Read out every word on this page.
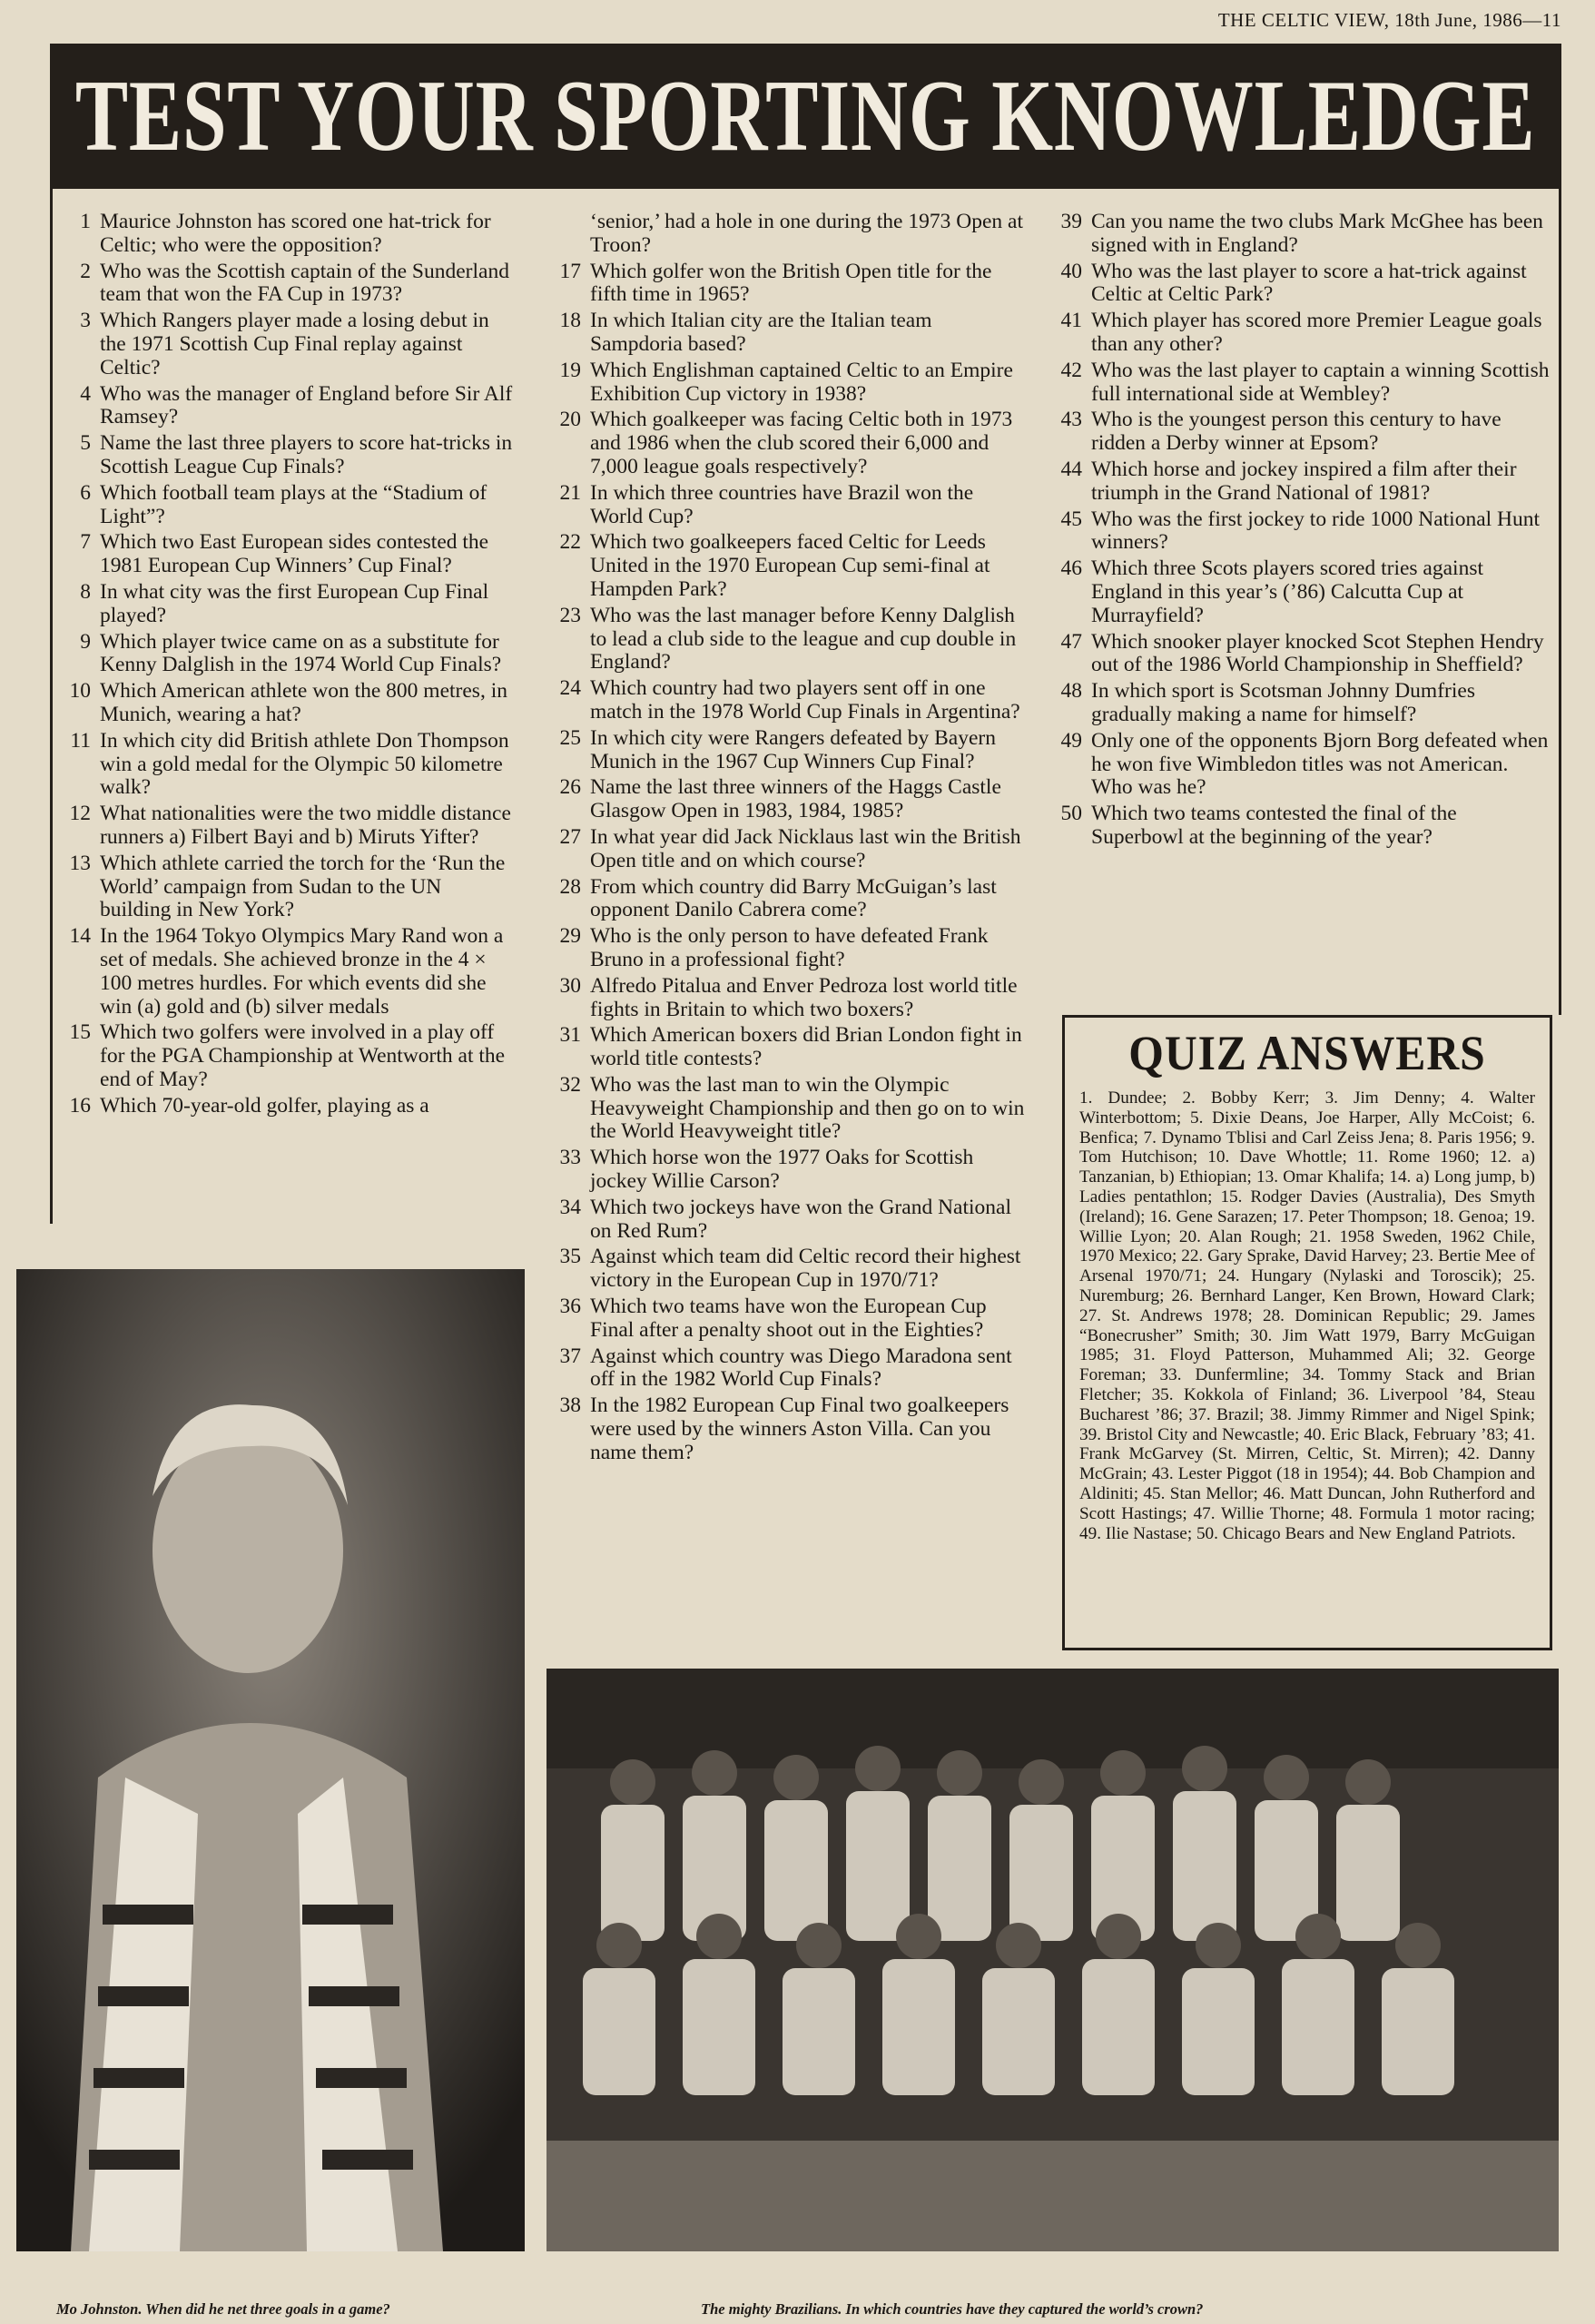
THE CELTIC VIEW, 18th June, 1986—11
TEST YOUR SPORTING KNOWLEDGE
1 Maurice Johnston has scored one hat-trick for Celtic; who were the opposition?
2 Who was the Scottish captain of the Sunderland team that won the FA Cup in 1973?
3 Which Rangers player made a losing debut in the 1971 Scottish Cup Final replay against Celtic?
4 Who was the manager of England before Sir Alf Ramsey?
5 Name the last three players to score hat-tricks in Scottish League Cup Finals?
6 Which football team plays at the “Stadium of Light”?
7 Which two East European sides contested the 1981 European Cup Winners’ Cup Final?
8 In what city was the first European Cup Final played?
9 Which player twice came on as a substitute for Kenny Dalglish in the 1974 World Cup Finals?
10 Which American athlete won the 800 metres, in Munich, wearing a hat?
11 In which city did British athlete Don Thompson win a gold medal for the Olympic 50 kilometre walk?
12 What nationalities were the two middle distance runners a) Filbert Bayi and b) Miruts Yifter?
13 Which athlete carried the torch for the ‘Run the World’ campaign from Sudan to the UN building in New York?
14 In the 1964 Tokyo Olympics Mary Rand won a set of medals. She achieved bronze in the 4 × 100 metres hurdles. For which events did she win (a) gold and (b) silver medals
15 Which two golfers were involved in a play off for the PGA Championship at Wentworth at the end of May?
16 Which 70-year-old golfer, playing as a
‘senior,’ had a hole in one during the 1973 Open at Troon?
17 Which golfer won the British Open title for the fifth time in 1965?
18 In which Italian city are the Italian team Sampdoria based?
19 Which Englishman captained Celtic to an Empire Exhibition Cup victory in 1938?
20 Which goalkeeper was facing Celtic both in 1973 and 1986 when the club scored their 6,000 and 7,000 league goals respectively?
21 In which three countries have Brazil won the World Cup?
22 Which two goalkeepers faced Celtic for Leeds United in the 1970 European Cup semi-final at Hampden Park?
23 Who was the last manager before Kenny Dalglish to lead a club side to the league and cup double in England?
24 Which country had two players sent off in one match in the 1978 World Cup Finals in Argentina?
25 In which city were Rangers defeated by Bayern Munich in the 1967 Cup Winners Cup Final?
26 Name the last three winners of the Haggs Castle Glasgow Open in 1983, 1984, 1985?
27 In what year did Jack Nicklaus last win the British Open title and on which course?
28 From which country did Barry McGuigan’s last opponent Danilo Cabrera come?
29 Who is the only person to have defeated Frank Bruno in a professional fight?
30 Alfredo Pitalua and Enver Pedroza lost world title fights in Britain to which two boxers?
31 Which American boxers did Brian London fight in world title contests?
32 Who was the last man to win the Olympic Heavyweight Championship and then go on to win the World Heavyweight title?
33 Which horse won the 1977 Oaks for Scottish jockey Willie Carson?
34 Which two jockeys have won the Grand National on Red Rum?
35 Against which team did Celtic record their highest victory in the European Cup in 1970/71?
36 Which two teams have won the European Cup Final after a penalty shoot out in the Eighties?
37 Against which country was Diego Maradona sent off in the 1982 World Cup Finals?
38 In the 1982 European Cup Final two goalkeepers were used by the winners Aston Villa. Can you name them?
39 Can you name the two clubs Mark McGhee has been signed with in England?
40 Who was the last player to score a hat-trick against Celtic at Celtic Park?
41 Which player has scored more Premier League goals than any other?
42 Who was the last player to captain a winning Scottish full international side at Wembley?
43 Who is the youngest person this century to have ridden a Derby winner at Epsom?
44 Which horse and jockey inspired a film after their triumph in the Grand National of 1981?
45 Who was the first jockey to ride 1000 National Hunt winners?
46 Which three Scots players scored tries against England in this year’s (’86) Calcutta Cup at Murrayfield?
47 Which snooker player knocked Scot Stephen Hendry out of the 1986 World Championship in Sheffield?
48 In which sport is Scotsman Johnny Dumfries gradually making a name for himself?
49 Only one of the opponents Bjorn Borg defeated when he won five Wimbledon titles was not American. Who was he?
50 Which two teams contested the final of the Superbowl at the beginning of the year?
QUIZ ANSWERS

1. Dundee; 2. Bobby Kerr; 3. Jim Denny; 4. Walter Winterbottom; 5. Dixie Deans, Joe Harper, Ally McCoist; 6. Benfica; 7. Dynamo Tblisi and Carl Zeiss Jena; 8. Paris 1956; 9. Tom Hutchison; 10. Dave Whottle; 11. Rome 1960; 12. a) Tanzanian, b) Ethiopian; 13. Omar Khalifa; 14. a) Long jump, b) Ladies pentathlon; 15. Rodger Davies (Australia), Des Smyth (Ireland); 16. Gene Sarazen; 17. Peter Thompson; 18. Genoa; 19. Willie Lyon; 20. Alan Rough; 21. 1958 Sweden, 1962 Chile, 1970 Mexico; 22. Gary Sprake, David Harvey; 23. Bertie Mee of Arsenal 1970/71; 24. Hungary (Nylaski and Toroscik); 25. Nuremburg; 26. Bernhard Langer, Ken Brown, Howard Clark; 27. St. Andrews 1978; 28. Dominican Republic; 29. James “Bonecrusher” Smith; 30. Jim Watt 1979, Barry McGuigan 1985; 31. Floyd Patterson, Muhammed Ali; 32. George Foreman; 33. Dunfermline; 34. Tommy Stack and Brian Fletcher; 35. Kokkola of Finland; 36. Liverpool ’84, Steau Bucharest ’86; 37. Brazil; 38. Jimmy Rimmer and Nigel Spink; 39. Bristol City and Newcastle; 40. Eric Black, February ’83; 41. Frank McGarvey (St. Mirren, Celtic, St. Mirren); 42. Danny McGrain; 43. Lester Piggot (18 in 1954); 44. Bob Champion and Aldiniti; 45. Stan Mellor; 46. Matt Duncan, John Rutherford and Scott Hastings; 47. Willie Thorne; 48. Formula 1 motor racing; 49. Ilie Nastase; 50. Chicago Bears and New England Patriots.

Mo Johnston. When did he net three goals in a game?	The mighty Brazilians. In which countries have they captured the world’s crown?
